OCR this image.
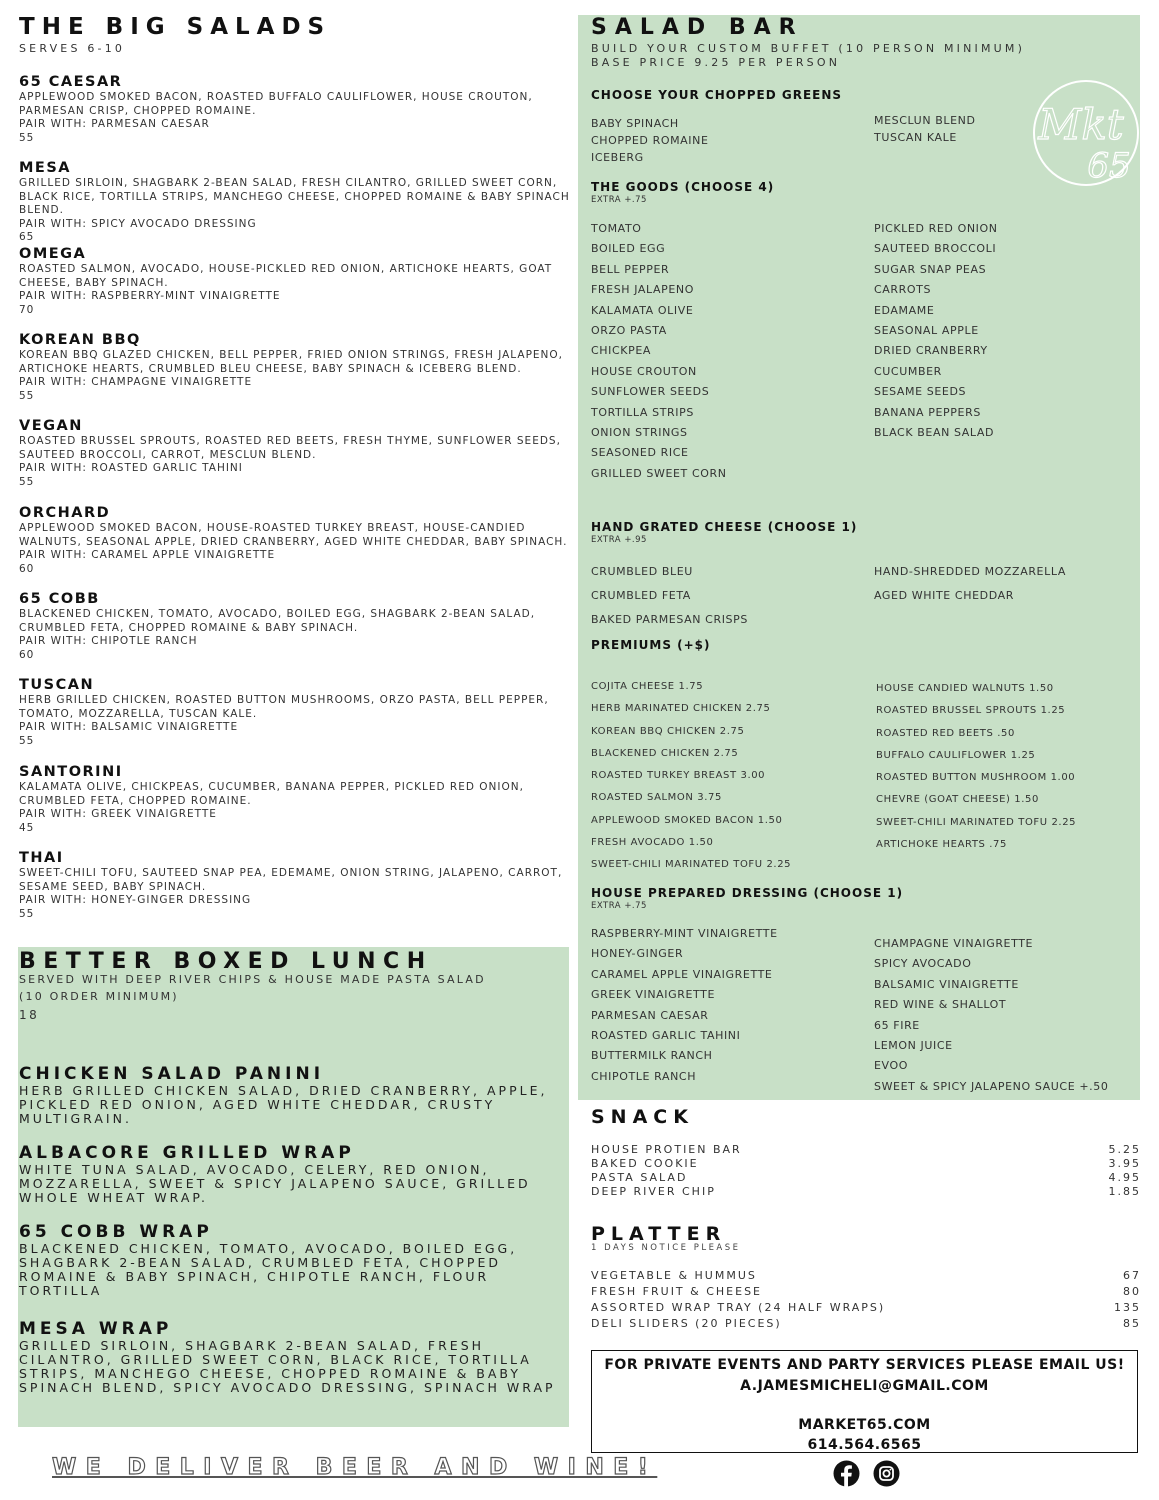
THE BIG SALADS
SERVES 6-10
65 CAESAR
APPLEWOOD SMOKED BACON, ROASTED BUFFALO CAULIFLOWER, HOUSE CROUTON, PARMESAN CRISP, CHOPPED ROMAINE.
PAIR WITH: PARMESAN CAESAR
55
MESA
GRILLED SIRLOIN, SHAGBARK 2-BEAN SALAD, FRESH CILANTRO, GRILLED SWEET CORN, BLACK RICE, TORTILLA STRIPS, MANCHEGO CHEESE, CHOPPED ROMAINE & BABY SPINACH BLEND.
PAIR WITH: SPICY AVOCADO DRESSING
65
OMEGA
ROASTED SALMON, AVOCADO, HOUSE-PICKLED RED ONION, ARTICHOKE HEARTS, GOAT CHEESE, BABY SPINACH.
PAIR WITH: RASPBERRY-MINT VINAIGRETTE
70
KOREAN BBQ
KOREAN BBQ GLAZED CHICKEN, BELL PEPPER, FRIED ONION STRINGS, FRESH JALAPENO, ARTICHOKE HEARTS, CRUMBLED BLEU CHEESE, BABY SPINACH & ICEBERG BLEND.
PAIR WITH: CHAMPAGNE VINAIGRETTE
55
VEGAN
ROASTED BRUSSEL SPROUTS, ROASTED RED BEETS, FRESH THYME, SUNFLOWER SEEDS, SAUTEED BROCCOLI, CARROT, MESCLUN BLEND.
PAIR WITH: ROASTED GARLIC TAHINI
55
ORCHARD
APPLEWOOD SMOKED BACON, HOUSE-ROASTED TURKEY BREAST, HOUSE-CANDIED WALNUTS, SEASONAL APPLE, DRIED CRANBERRY, AGED WHITE CHEDDAR, BABY SPINACH.
PAIR WITH: CARAMEL APPLE VINAIGRETTE
60
65 COBB
BLACKENED CHICKEN, TOMATO, AVOCADO, BOILED EGG, SHAGBARK 2-BEAN SALAD, CRUMBLED FETA, CHOPPED ROMAINE & BABY SPINACH.
PAIR WITH: CHIPOTLE RANCH
60
TUSCAN
HERB GRILLED CHICKEN, ROASTED BUTTON MUSHROOMS, ORZO PASTA, BELL PEPPER, TOMATO, MOZZARELLA, TUSCAN KALE.
PAIR WITH: BALSAMIC VINAIGRETTE
55
SANTORINI
KALAMATA OLIVE, CHICKPEAS, CUCUMBER, BANANA PEPPER, PICKLED RED ONION, CRUMBLED FETA, CHOPPED ROMAINE.
PAIR WITH: GREEK VINAIGRETTE
45
THAI
SWEET-CHILI TOFU, SAUTEED SNAP PEA, EDEMAME, ONION STRING, JALAPENO, CARROT, SESAME SEED, BABY SPINACH.
PAIR WITH: HONEY-GINGER DRESSING
55
BETTER BOXED LUNCH
SERVED WITH DEEP RIVER CHIPS & HOUSE MADE PASTA SALAD
(10 ORDER MINIMUM)
18
CHICKEN SALAD PANINI
HERB GRILLED CHICKEN SALAD, DRIED CRANBERRY, APPLE, PICKLED RED ONION, AGED WHITE CHEDDAR, CRUSTY MULTIGRAIN.
ALBACORE GRILLED WRAP
WHITE TUNA SALAD, AVOCADO, CELERY, RED ONION, MOZZARELLA, SWEET & SPICY JALAPENO SAUCE, GRILLED WHOLE WHEAT WRAP.
65 COBB WRAP
BLACKENED CHICKEN, TOMATO, AVOCADO, BOILED EGG, SHAGBARK 2-BEAN SALAD, CRUMBLED FETA, CHOPPED ROMAINE & BABY SPINACH, CHIPOTLE RANCH, FLOUR TORTILLA
MESA WRAP
GRILLED SIRLOIN, SHAGBARK 2-BEAN SALAD, FRESH CILANTRO, GRILLED SWEET CORN, BLACK RICE, TORTILLA STRIPS, MANCHEGO CHEESE, CHOPPED ROMAINE & BABY SPINACH BLEND, SPICY AVOCADO DRESSING, SPINACH WRAP
WE DELIVER BEER AND WINE!
SALAD BAR
BUILD YOUR CUSTOM BUFFET (10 PERSON MINIMUM)
BASE PRICE 9.25 PER PERSON
Mkt
65
CHOOSE YOUR CHOPPED GREENS
BABY SPINACH
CHOPPED ROMAINE
ICEBERG
MESCLUN BLEND
TUSCAN KALE
THE GOODS (CHOOSE 4)
EXTRA +.75
TOMATO
BOILED EGG
BELL PEPPER
FRESH JALAPENO
KALAMATA OLIVE
ORZO PASTA
CHICKPEA
HOUSE CROUTON
SUNFLOWER SEEDS
TORTILLA STRIPS
ONION STRINGS
SEASONED RICE
GRILLED SWEET CORN
PICKLED RED ONION
SAUTEED BROCCOLI
SUGAR SNAP PEAS
CARROTS
EDAMAME
SEASONAL APPLE
DRIED CRANBERRY
CUCUMBER
SESAME SEEDS
BANANA PEPPERS
BLACK BEAN SALAD
HAND GRATED CHEESE (CHOOSE 1)
EXTRA +.95
CRUMBLED BLEU
CRUMBLED FETA
BAKED PARMESAN CRISPS
HAND-SHREDDED MOZZARELLA
AGED WHITE CHEDDAR
PREMIUMS (+$)
COJITA CHEESE 1.75
HERB MARINATED CHICKEN 2.75
KOREAN BBQ CHICKEN 2.75
BLACKENED CHICKEN 2.75
ROASTED TURKEY BREAST 3.00
ROASTED SALMON 3.75
APPLEWOOD SMOKED BACON 1.50
FRESH AVOCADO 1.50
SWEET-CHILI MARINATED TOFU 2.25
HOUSE CANDIED WALNUTS 1.50
ROASTED BRUSSEL SPROUTS 1.25
ROASTED RED BEETS .50
BUFFALO CAULIFLOWER 1.25
ROASTED BUTTON MUSHROOM 1.00
CHEVRE (GOAT CHEESE) 1.50
SWEET-CHILI MARINATED TOFU 2.25
ARTICHOKE HEARTS .75
HOUSE PREPARED DRESSING (CHOOSE 1)
EXTRA +.75
RASPBERRY-MINT VINAIGRETTE
HONEY-GINGER
CARAMEL APPLE VINAIGRETTE
GREEK VINAIGRETTE
PARMESAN CAESAR
ROASTED GARLIC TAHINI
BUTTERMILK RANCH
CHIPOTLE RANCH
CHAMPAGNE VINAIGRETTE
SPICY AVOCADO
BALSAMIC VINAIGRETTE
RED WINE & SHALLOT
65 FIRE
LEMON JUICE
EVOO
SWEET & SPICY JALAPENO SAUCE +.50
SNACK
HOUSE PROTIEN BAR	5.25
BAKED COOKIE	3.95
PASTA SALAD	4.95
DEEP RIVER CHIP	1.85
PLATTER
1 DAYS NOTICE PLEASE
VEGETABLE & HUMMUS	67
FRESH FRUIT & CHEESE	80
ASSORTED WRAP TRAY (24 HALF WRAPS)	135
DELI SLIDERS (20 PIECES)	85
FOR PRIVATE EVENTS AND PARTY SERVICES PLEASE EMAIL US!
A.JAMESMICHELI@GMAIL.COM
MARKET65.COM
614.564.6565
